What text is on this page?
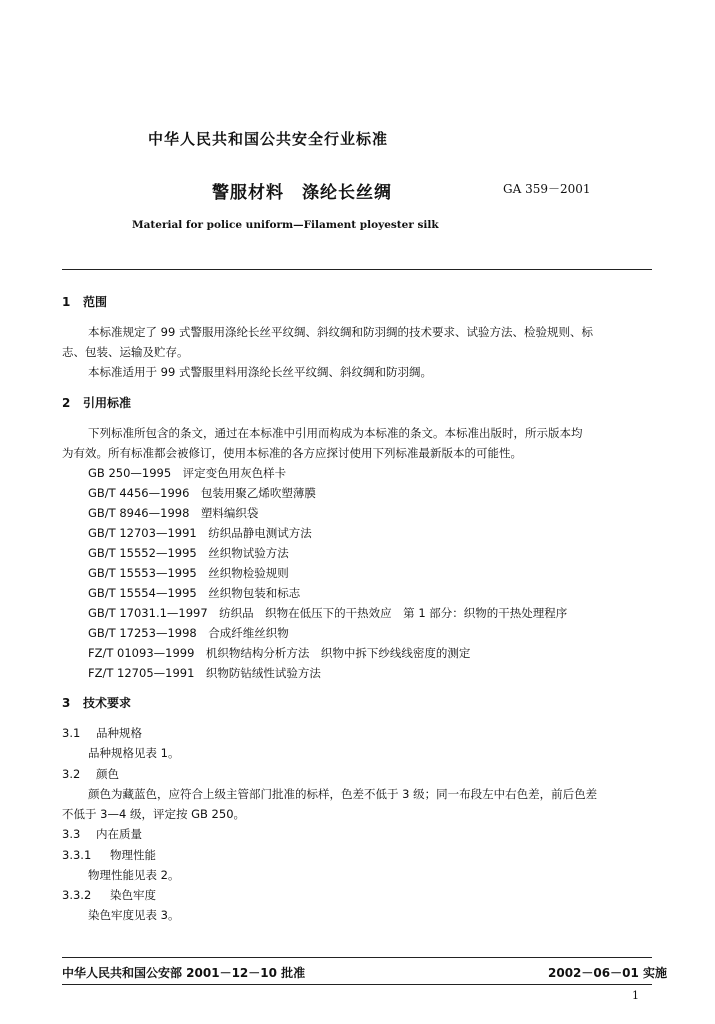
中华人民共和国公共安全行业标准
警服材料　涤纶长丝绸	GA 359－2001
Material for police uniform—Filament ployester silk
1 范围
本标准规定了 99 式警服用涤纶长丝平纹绸、斜纹绸和防羽绸的技术要求、试验方法、检验规则、标
志、包装、运输及贮存。
本标准适用于 99 式警服里料用涤纶长丝平纹绸、斜纹绸和防羽绸。
2 引用标准
下列标准所包含的条文，通过在本标准中引用而构成为本标准的条文。本标准出版时，所示版本均
为有效。所有标准都会被修订，使用本标准的各方应探讨使用下列标准最新版本的可能性。
GB 250—1995　评定变色用灰色样卡
GB/T 4456—1996　包装用聚乙烯吹塑薄膜
GB/T 8946—1998　塑料编织袋
GB/T 12703—1991　纺织品静电测试方法
GB/T 15552—1995　丝织物试验方法
GB/T 15553—1995　丝织物检验规则
GB/T 15554—1995　丝织物包装和标志
GB/T 17031.1—1997　纺织品　织物在低压下的干热效应　第 1 部分：织物的干热处理程序
GB/T 17253—1998　合成纤维丝织物
FZ/T 01093—1999　机织物结构分析方法　织物中拆下纱线线密度的测定
FZ/T 12705—1991　织物防钻绒性试验方法
3 技术要求
3.1 品种规格
品种规格见表 1。
3.2 颜色
颜色为藏蓝色，应符合上级主管部门批准的标样，色差不低于 3 级；同一布段左中右色差，前后色差
不低于 3—4 级，评定按 GB 250。
3.3 内在质量
3.3.1 物理性能
物理性能见表 2。
3.3.2 染色牢度
染色牢度见表 3。
中华人民共和国公安部 2001－12－10 批准	2002－06－01 实施
1
